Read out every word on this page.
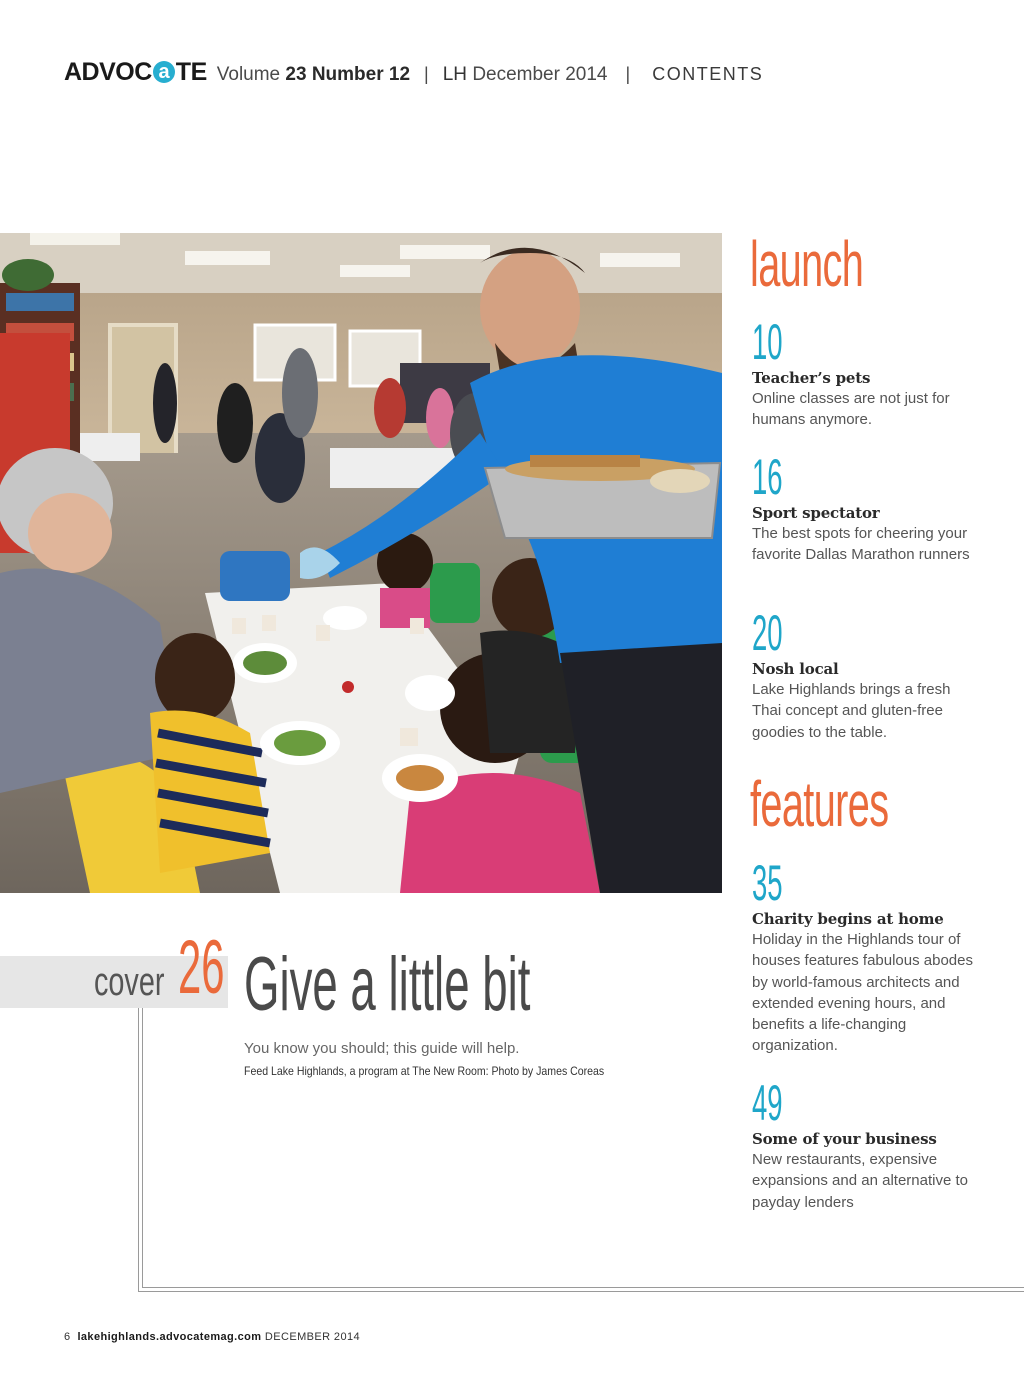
ADVOC a TE Volume 23 Number 12 | LH December 2014 | CONTENTS
launch
10
Teacher’s pets
Online classes are not just for humans anymore.
16
Sport spectator
The best spots for cheering your favorite Dallas Marathon runners
20
Nosh local
Lake Highlands brings a fresh Thai concept and gluten-free goodies to the table.
features
35
Charity begins at home
Holiday in the Highlands tour of houses features fabulous abodes by world-famous architects and extended evening hours, and benefits a life-changing organization.
49
Some of your business
New restaurants, expensive expansions and an alternative to payday lenders
cover 26 Give a little bit
You know you should; this guide will help.
Feed Lake Highlands, a program at The New Room: Photo by James Coreas
6 lakehighlands.advocatemag.com DECEMBER 2014
